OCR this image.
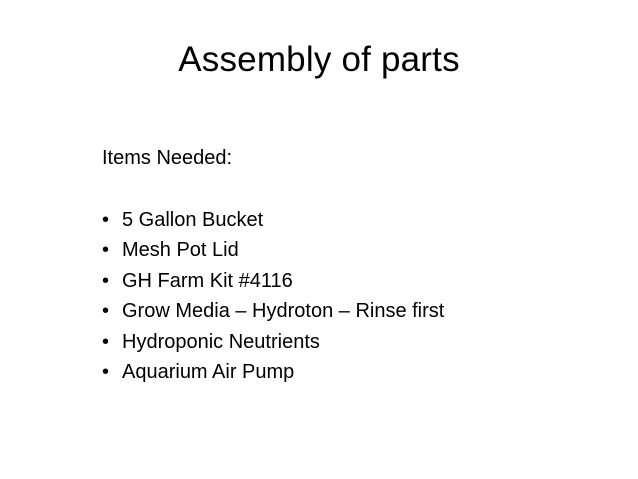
Assembly of parts

Items Needed:

• 5 Gallon Bucket
• Mesh Pot Lid
• GH Farm Kit #4116
• Grow Media – Hydroton – Rinse first
• Hydroponic Neutrients
• Aquarium Air Pump
